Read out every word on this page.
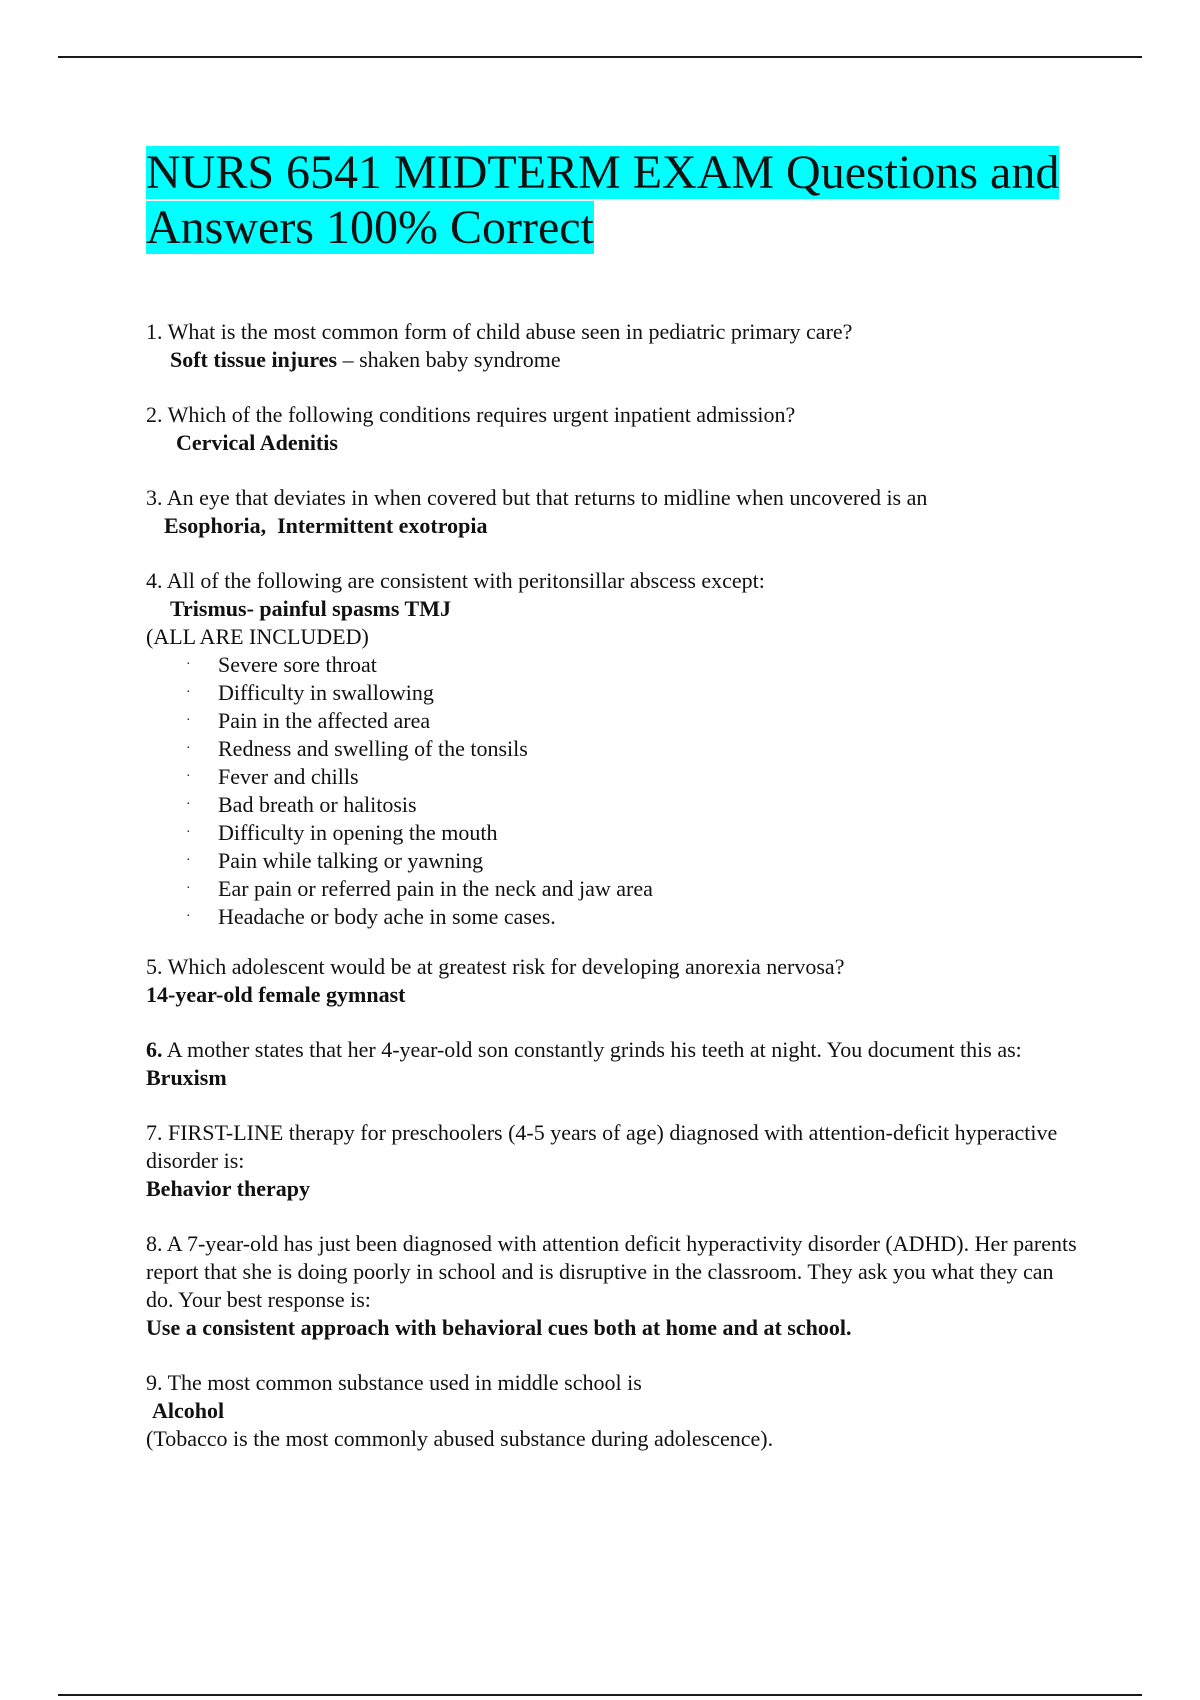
NURS 6541 MIDTERM EXAM Questions and Answers 100% Correct

1. What is the most common form of child abuse seen in pediatric primary care?

Soft tissue injures – shaken baby syndrome

2. Which of the following conditions requires urgent inpatient admission?

Cervical Adenitis

3. An eye that deviates in when covered but that returns to midline when uncovered is an

Esophoria,  Intermittent exotropia

4. All of the following are consistent with peritonsillar abscess except:

Trismus- painful spasms TMJ

(ALL ARE INCLUDED)

· Severe sore throat
· Difficulty in swallowing
· Pain in the affected area
· Redness and swelling of the tonsils
· Fever and chills
· Bad breath or halitosis
· Difficulty in opening the mouth
· Pain while talking or yawning
· Ear pain or referred pain in the neck and jaw area
· Headache or body ache in some cases.

5. Which adolescent would be at greatest risk for developing anorexia nervosa?

14-year-old female gymnast

6. A mother states that her 4-year-old son constantly grinds his teeth at night. You document this as: Bruxism

7. FIRST-LINE therapy for preschoolers (4-5 years of age) diagnosed with attention-deficit hyperactive disorder is:

Behavior therapy

8. A 7-year-old has just been diagnosed with attention deficit hyperactivity disorder (ADHD). Her parents report that she is doing poorly in school and is disruptive in the classroom. They ask you what they can do. Your best response is:

Use a consistent approach with behavioral cues both at home and at school.

9. The most common substance used in middle school is

Alcohol

(Tobacco is the most commonly abused substance during adolescence).
